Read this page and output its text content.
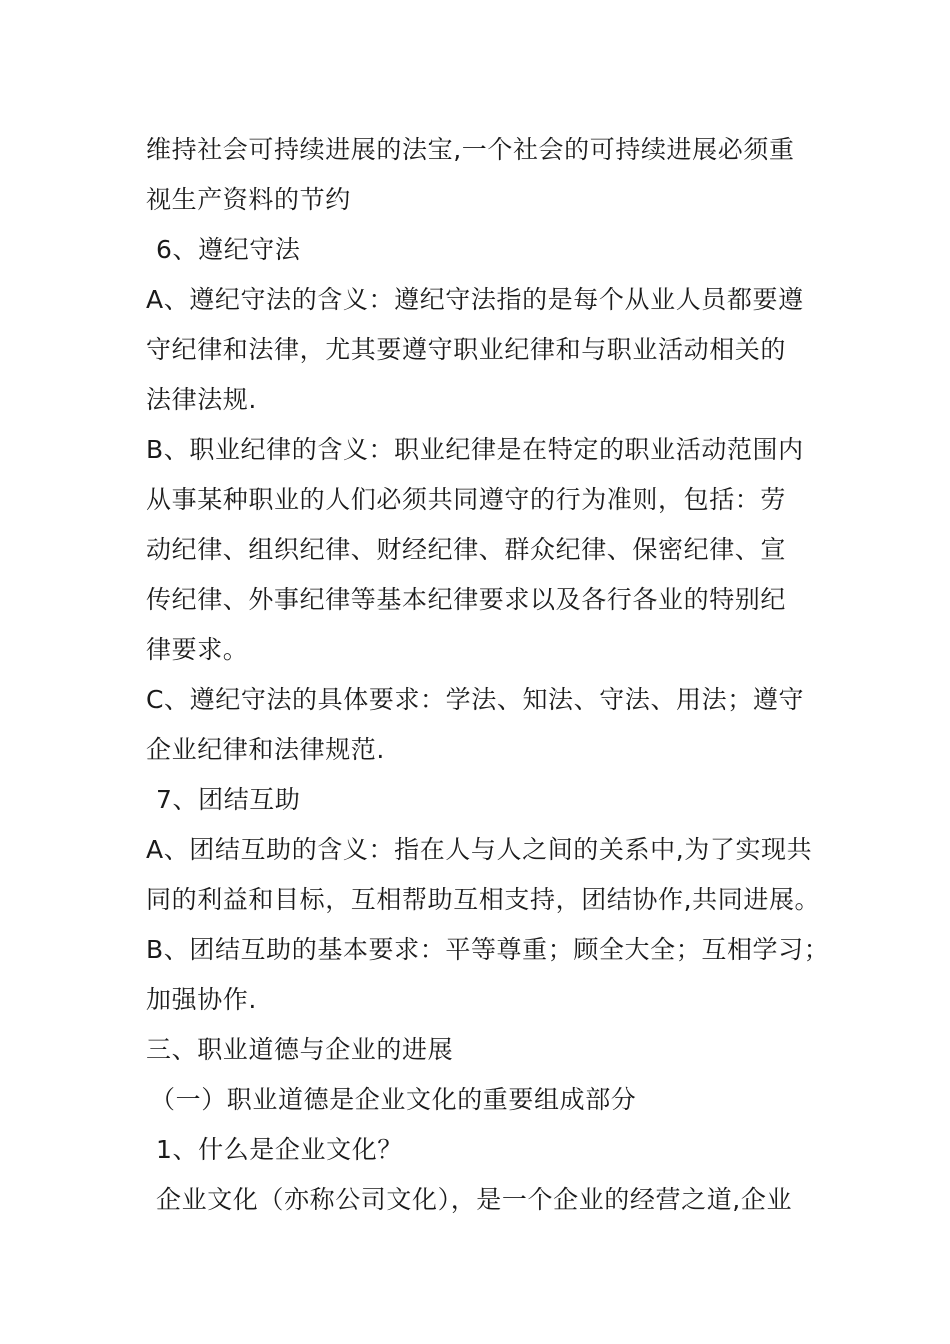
维持社会可持续进展的法宝,一个社会的可持续进展必须重
视生产资料的节约
6、遵纪守法
A、遵纪守法的含义：遵纪守法指的是每个从业人员都要遵
守纪律和法律，尤其要遵守职业纪律和与职业活动相关的
法律法规.
B、职业纪律的含义：职业纪律是在特定的职业活动范围内
从事某种职业的人们必须共同遵守的行为准则，包括：劳
动纪律、组织纪律、财经纪律、群众纪律、保密纪律、宣
传纪律、外事纪律等基本纪律要求以及各行各业的特别纪
律要求。
C、遵纪守法的具体要求：学法、知法、守法、用法；遵守
企业纪律和法律规范.
7、团结互助
A、团结互助的含义：指在人与人之间的关系中,为了实现共
同的利益和目标，互相帮助互相支持，团结协作,共同进展。
B、团结互助的基本要求：平等尊重；顾全大全；互相学习；
加强协作.
三、职业道德与企业的进展
（一）职业道德是企业文化的重要组成部分
1、什么是企业文化？
企业文化（亦称公司文化），是一个企业的经营之道,企业
